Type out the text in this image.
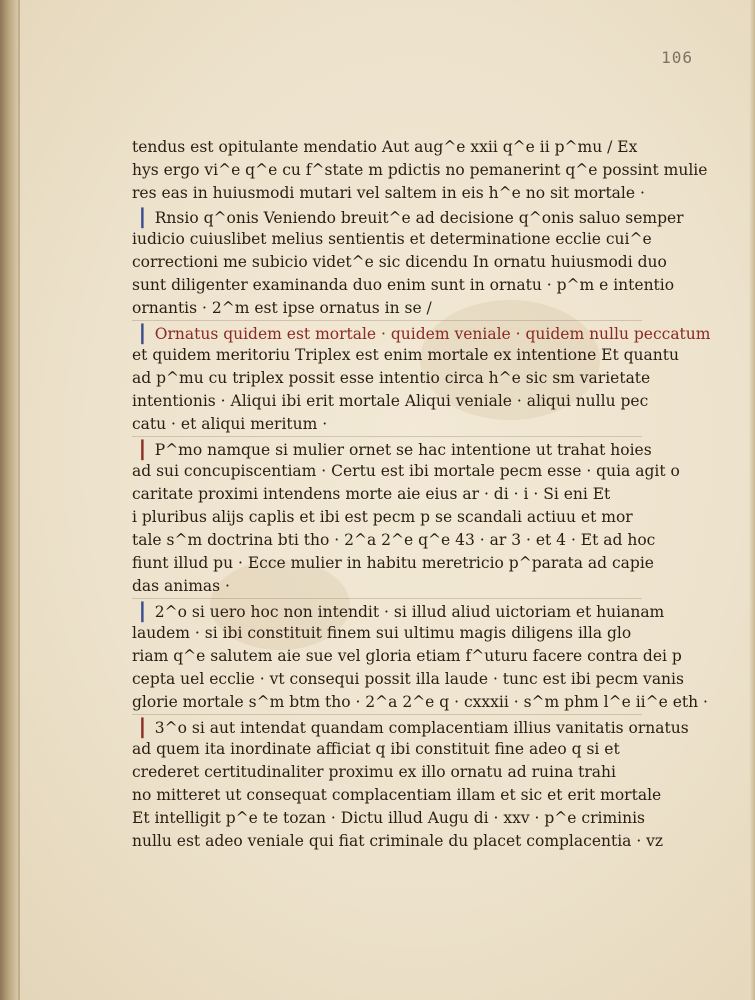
106
tendus est opitulante mendatio Aut aug^e xxii q^e ii p^mu / Ex
hys ergo vi^e q^e cu f^state m pdictis no pemanerint q^e possint mulie
res eas in huiusmodi mutari vel saltem in eis h^e no sit mortale ·
❘ Rnsio q^onis Veniendo breuit^e ad decisione q^onis saluo semper
iudicio cuiuslibet melius sentientis et determinatione ecclie cui^e
correctioni me subicio videt^e sic dicendu In ornatu huiusmodi duo
sunt diligenter examinanda duo enim sunt in ornatu · p^m e intentio
ornantis · 2^m est ipse ornatus in se /
❘ Ornatus quidem est mortale · quidem veniale · quidem nullu peccatum
et quidem meritoriu Triplex est enim mortale ex intentione Et quantu
ad p^mu cu triplex possit esse intentio circa h^e sic sm varietate
intentionis · Aliqui ibi erit mortale Aliqui veniale · aliqui nullu pec
catu · et aliqui meritum ·
❘ P^mo namque si mulier ornet se hac intentione ut trahat hoies
ad sui concupiscentiam · Certu est ibi mortale pecm esse · quia agit o
caritate proximi intendens morte aie eius ar · di · i · Si eni Et
i pluribus alijs caplis et ibi est pecm p se scandali actiuu et mor
tale s^m doctrina bti tho · 2^a 2^e q^e 43 · ar 3 · et 4 · Et ad hoc
fiunt illud pu · Ecce mulier in habitu meretricio p^parata ad capie
das animas ·
❘ 2^o si uero hoc non intendit · si illud aliud uictoriam et huianam
laudem · si ibi constituit finem sui ultimu magis diligens illa glo
riam q^e salutem aie sue vel gloria etiam f^uturu facere contra dei p
cepta uel ecclie · vt consequi possit illa laude · tunc est ibi pecm vanis
glorie mortale s^m btm tho · 2^a 2^e q · cxxxii · s^m phm l^e ii^e eth ·
❘ 3^o si aut intendat quandam complacentiam illius vanitatis ornatus
ad quem ita inordinate afficiat q ibi constituit fine adeo q si et
crederet certitudinaliter proximu ex illo ornatu ad ruina trahi
no mitteret ut consequat complacentiam illam et sic et erit mortale
Et intelligit p^e te tozan · Dictu illud Augu di · xxv · p^e criminis
nullu est adeo veniale qui fiat criminale du placet complacentia · vz
